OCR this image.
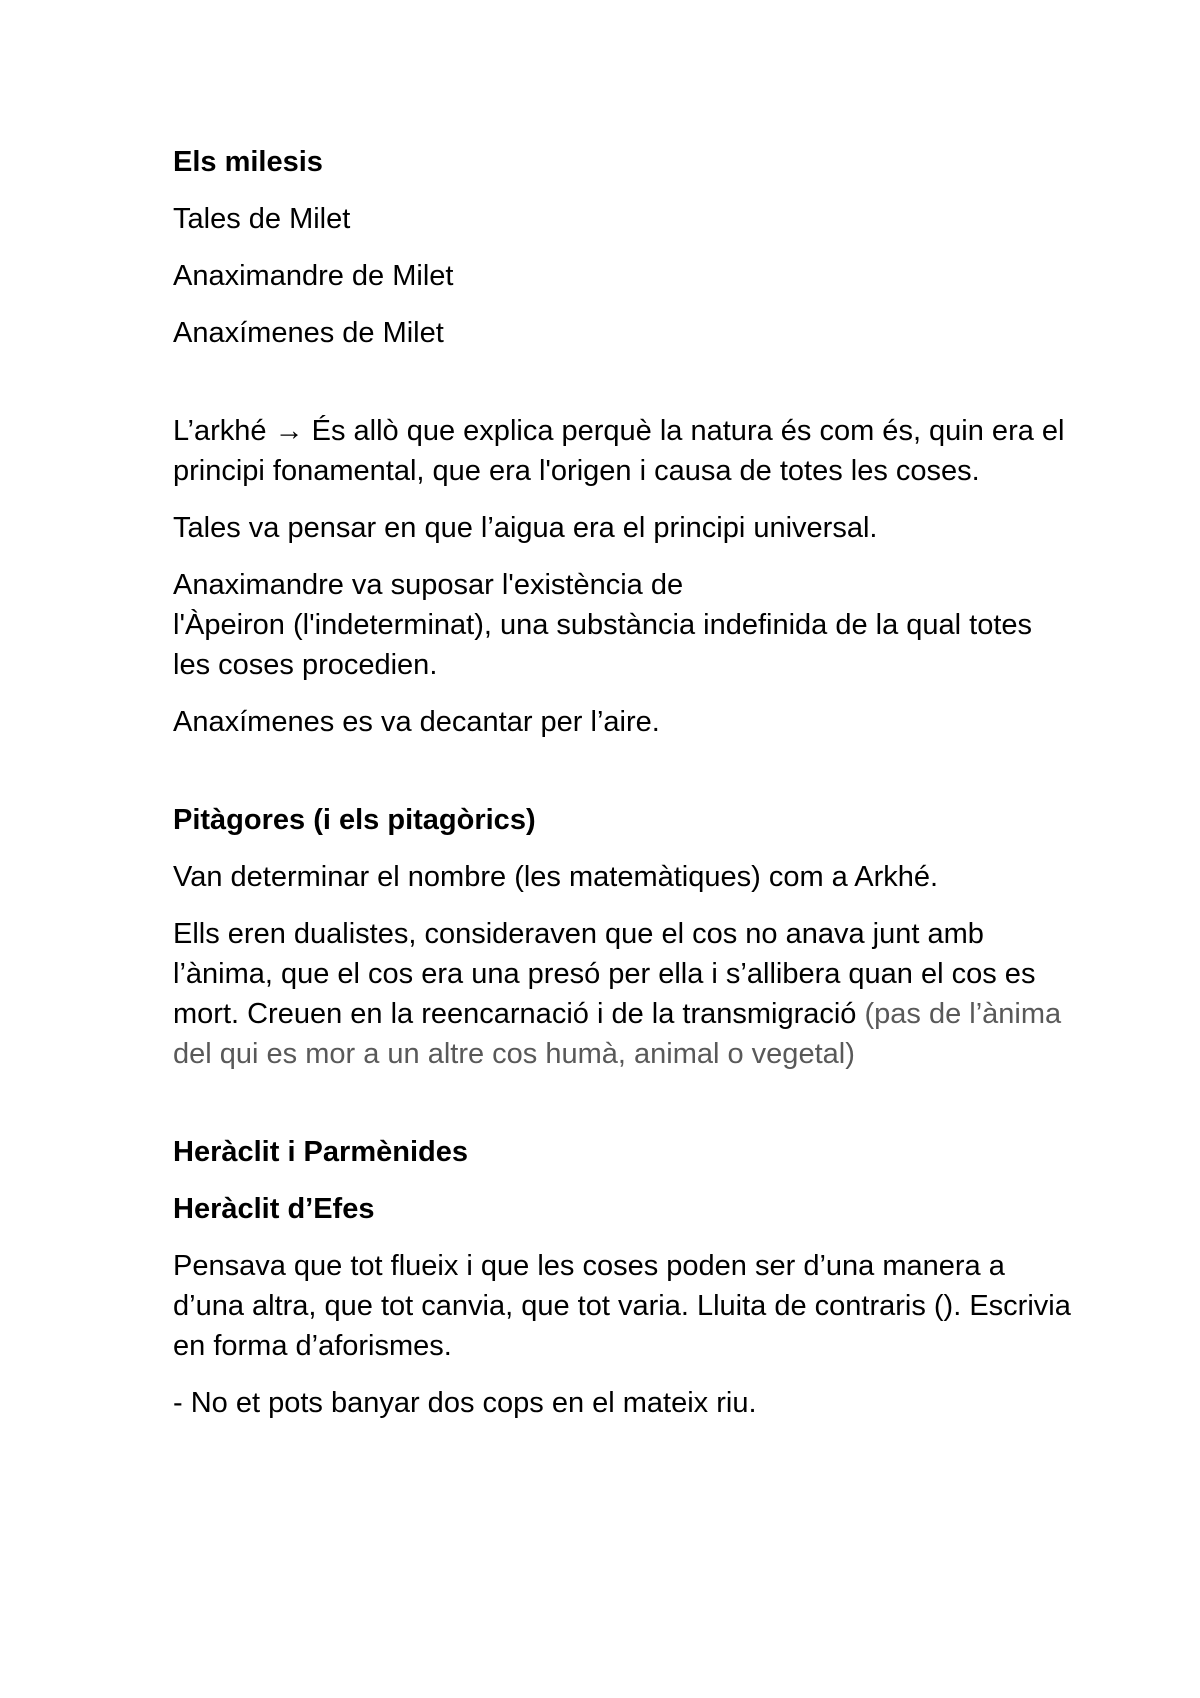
Els milesis

Tales de Milet

Anaximandre de Milet

Anaxímenes de Milet

L’arkhé → És allò que explica perquè la natura és com és, quin era el principi fonamental, que era l'origen i causa de totes les coses.

Tales va pensar en que l’aigua era el principi universal.

Anaximandre va suposar l'existència de

l'Àpeiron (l'indeterminat), una substància indefinida de la qual totes les coses procedien.

Anaxímenes es va decantar per l’aire.

Pitàgores (i els pitagòrics)

Van determinar el nombre (les matemàtiques) com a Arkhé.

Ells eren dualistes, consideraven que el cos no anava junt amb l’ànima, que el cos era una presó per ella i s’allibera quan el cos es mort. Creuen en la reencarnació i de la transmigració (pas de l’ànima del qui es mor a un altre cos humà, animal o vegetal)

Heràclit i Parmènides

Heràclit d’Efes

Pensava que tot flueix i que les coses poden ser d’una manera a d’una altra, que tot canvia, que tot varia. Lluita de contraris (). Escrivia en forma d’aforismes.

- No et pots banyar dos cops en el mateix riu.
